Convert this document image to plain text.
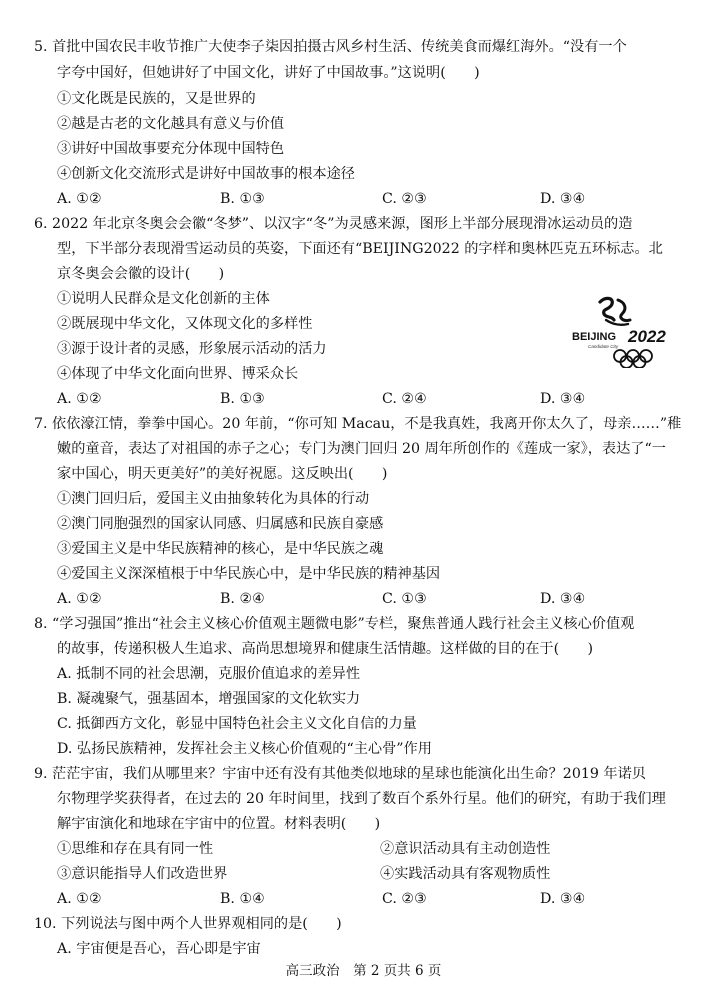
5. 首批中国农民丰收节推广大使李子柒因拍摄古风乡村生活、传统美食而爆红海外。“没有一个
字夸中国好，但她讲好了中国文化，讲好了中国故事。”这说明(　　)
①文化既是民族的，又是世界的
②越是古老的文化越具有意义与价值
③讲好中国故事要充分体现中国特色
④创新文化交流形式是讲好中国故事的根本途径
A. ①②	B. ①③	C. ②③	D. ③④
6. 2022 年北京冬奥会会徽“冬梦”、以汉字“冬”为灵感来源，图形上半部分展现滑冰运动员的造
型，下半部分表现滑雪运动员的英姿，下面还有“BEIJING2022 的字样和奥林匹克五环标志。北
京冬奥会会徽的设计(　　)
①说明人民群众是文化创新的主体
②既展现中华文化，又体现文化的多样性
③源于设计者的灵感，形象展示活动的活力
④体现了中华文化面向世界、博采众长
A. ①②	B. ①③	C. ②④	D. ③④
BEIJING 2022
Candidate City
7. 依依濠江情，拳拳中国心。20 年前，“你可知 Macau，不是我真姓，我离开你太久了，母亲……”稚
嫩的童音，表达了对祖国的赤子之心；专门为澳门回归 20 周年所创作的《莲成一家》，表达了“一
家中国心，明天更美好”的美好祝愿。这反映出(　　)
①澳门回归后，爱国主义由抽象转化为具体的行动
②澳门同胞强烈的国家认同感、归属感和民族自豪感
③爱国主义是中华民族精神的核心，是中华民族之魂
④爱国主义深深植根于中华民族心中，是中华民族的精神基因
A. ①②	B. ②④	C. ①③	D. ③④
8. “学习强国”推出“社会主义核心价值观主题微电影”专栏，聚焦普通人践行社会主义核心价值观
的故事，传递积极人生追求、高尚思想境界和健康生活情趣。这样做的目的在于(　　)
A. 抵制不同的社会思潮，克服价值追求的差异性
B. 凝魂聚气，强基固本，增强国家的文化软实力
C. 抵御西方文化，彰显中国特色社会主义文化自信的力量
D. 弘扬民族精神，发挥社会主义核心价值观的“主心骨”作用
9. 茫茫宇宙，我们从哪里来？宇宙中还有没有其他类似地球的星球也能演化出生命？2019 年诺贝
尔物理学奖获得者，在过去的 20 年时间里，找到了数百个系外行星。他们的研究，有助于我们理
解宇宙演化和地球在宇宙中的位置。材料表明(　　)
①思维和存在具有同一性	②意识活动具有主动创造性
③意识能指导人们改造世界	④实践活动具有客观物质性
A. ①②	B. ①④	C. ②③	D. ③④
10. 下列说法与图中两个人世界观相同的是(　　)
A. 宇宙便是吾心，吾心即是宇宙
高三政治　第 2 页共 6 页
